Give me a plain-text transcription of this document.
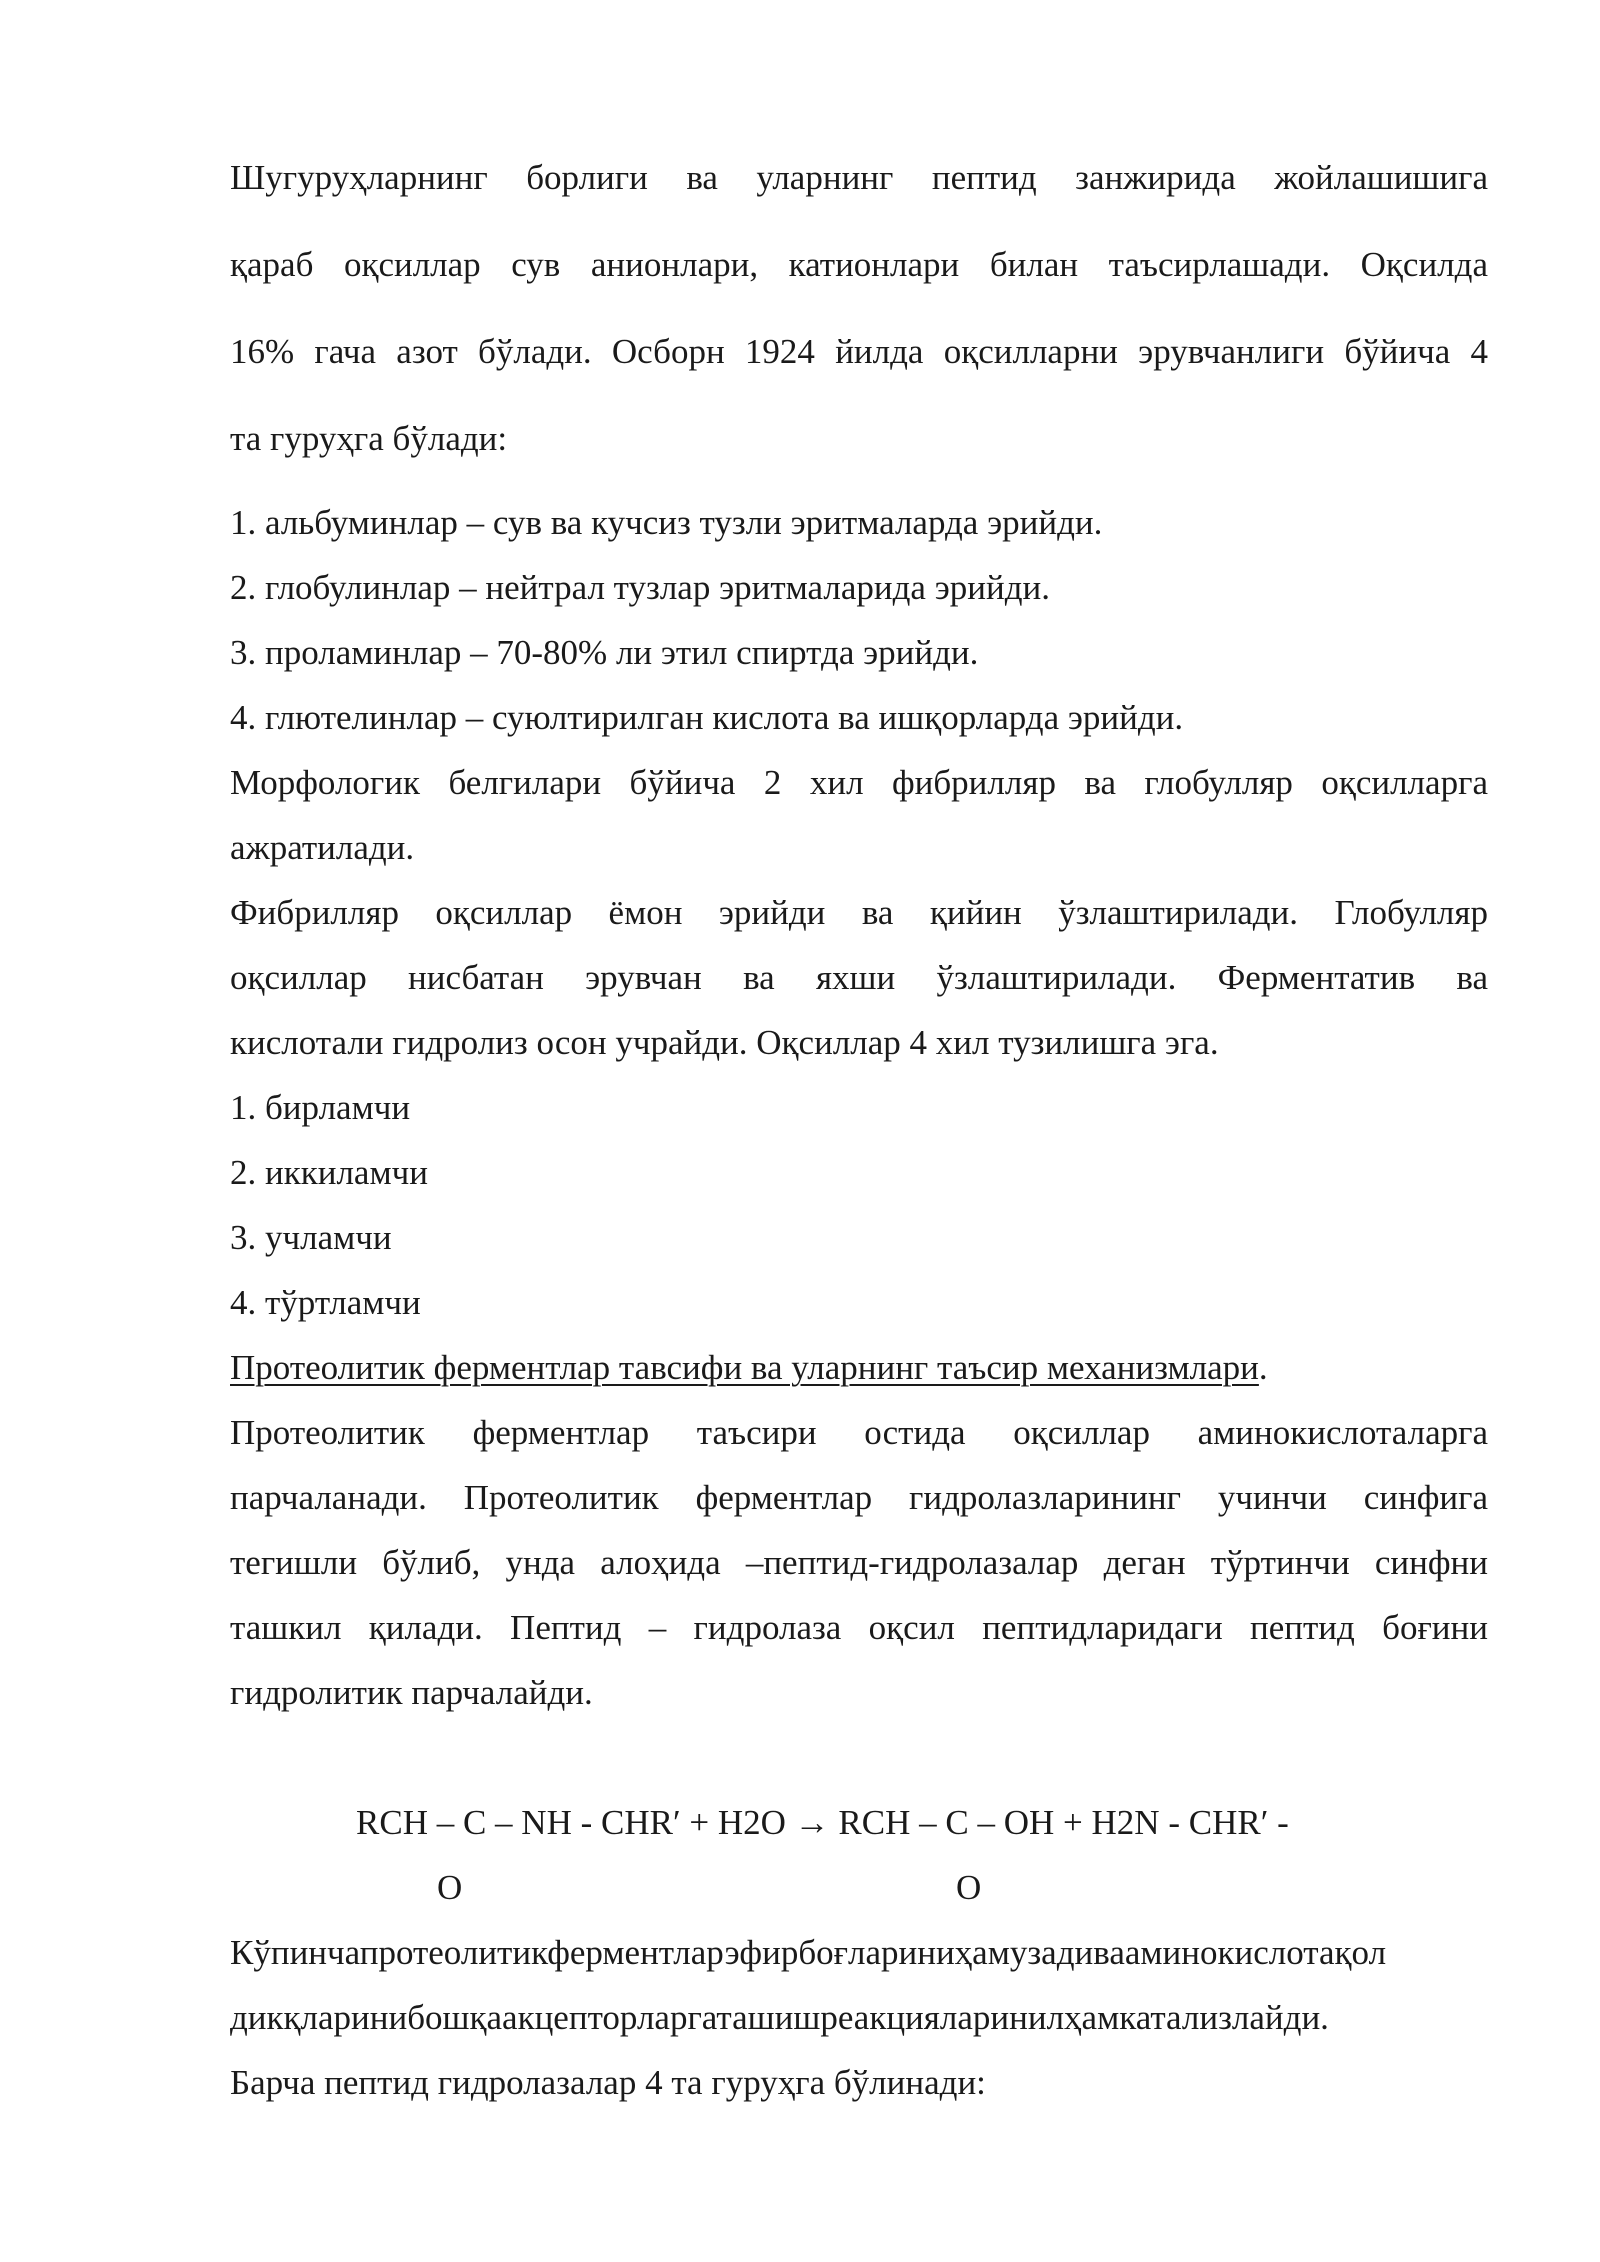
Шугуруҳларнинг борлиги ва уларнинг пептид занжирида жойлашишига
қараб оқсиллар сув анионлари, катионлари билан таъсирлашади. Оқсилда
16% гача азот бўлади. Осборн 1924 йилда оқсилларни эрувчанлиги бўйича 4
та гуруҳга бўлади:
1. альбуминлар – сув ва кучсиз тузли эритмаларда эрийди.
2. глобулинлар – нейтрал тузлар эритмаларида эрийди.
3. проламинлар – 70-80% ли этил спиртда эрийди.
4. глютелинлар – суюлтирилган кислота ва ишқорларда эрийди.
Морфологик белгилари бўйича 2 хил фибрилляр ва глобулляр оқсилларга
ажратилади.
Фибрилляр оқсиллар ёмон эрийди ва қийин ўзлаштирилади. Глобулляр
оқсиллар нисбатан эрувчан ва яхши ўзлаштирилади. Ферментатив ва
кислотали гидролиз осон учрайди. Оқсиллар 4 хил тузилишга эга.
1. бирламчи
2. иккиламчи
3. учламчи
4. тўртламчи
Протеолитик ферментлар тавсифи ва уларнинг таъсир механизмлари.
Протеолитик ферментлар таъсири остида оқсиллар аминокислоталарга
парчаланади. Протеолитик ферментлар гидролазларининг учинчи синфига
тегишли бўлиб, унда алоҳида –пептид-гидролазалар деган тўртинчи синфни
ташкил қилади. Пептид – гидролаза оқсил пептидларидаги пептид боғини
гидролитик парчалайди.
RCH – C – NH - CHR′ + H2O → RCH – C – OH + H2N - CHR′ -
O	O
Кўпинчапротеолитикферментларэфирбоғлариниҳамузадивааминокислотақол
дикқларинибошқаакцепторларгаташишреакцияларинилҳамкатализлайди.
Барча пептид гидролазалар 4 та гуруҳга бўлинади:
